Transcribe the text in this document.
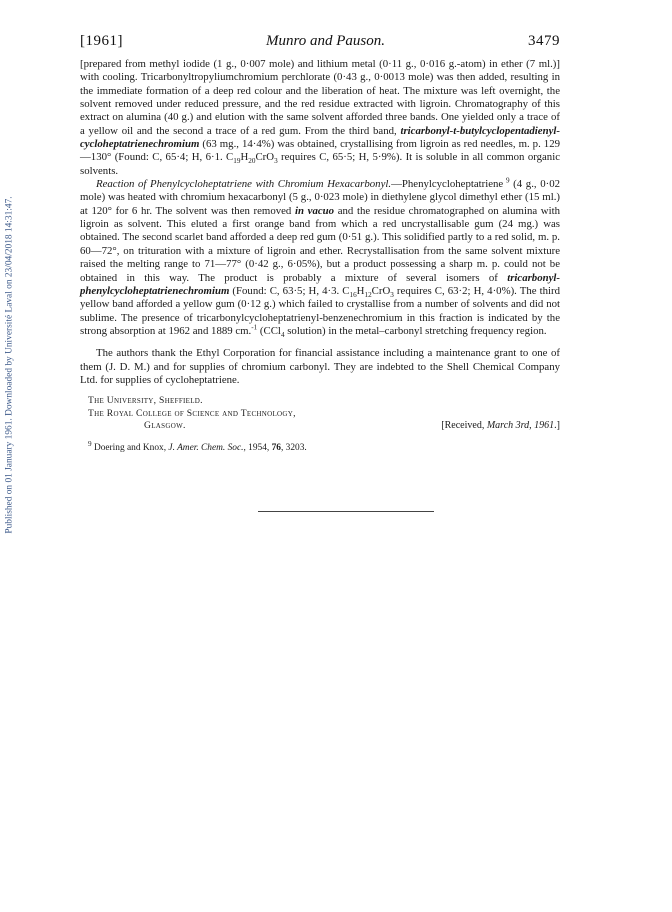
Published on 01 January 1961. Downloaded by Université Laval on 23/04/2018 14:31:47.
[1961]	Munro and Pauson.	3479

[prepared from methyl iodide (1 g., 0·007 mole) and lithium metal (0·11 g., 0·016 g.-atom) in ether (7 ml.)] with cooling. Tricarbonyltropyliumchromium perchlorate (0·43 g., 0·0013 mole) was then added, resulting in the immediate formation of a deep red colour and the liberation of heat. The mixture was left overnight, the solvent removed under reduced pressure, and the red residue extracted with ligroin. Chromatography of this extract on alumina (40 g.) and elution with the same solvent afforded three bands. One yielded only a trace of a yellow oil and the second a trace of a red gum. From the third band, tricarbonyl-t-butylcyclopentadienyl-cycloheptatrienechromium (63 mg., 14·4%) was obtained, crystallising from ligroin as red needles, m. p. 129—130° (Found: C, 65·4; H, 6·1. $C_{19}H_{20}CrO_3$ requires C, 65·5; H, 5·9%). It is soluble in all common organic solvents.

Reaction of Phenylcycloheptatriene with Chromium Hexacarbonyl.—Phenylcycloheptatriene $^9$ (4 g., 0·02 mole) was heated with chromium hexacarbonyl (5 g., 0·023 mole) in diethylene glycol dimethyl ether (15 ml.) at 120° for 6 hr. The solvent was then removed in vacuo and the residue chromatographed on alumina with ligroin as solvent. This eluted a first orange band from which a red uncrystallisable gum (24 mg.) was obtained. The second scarlet band afforded a deep red gum (0·51 g.). This solidified partly to a red solid, m. p. 60—72°, on trituration with a mixture of ligroin and ether. Recrystallisation from the same solvent mixture raised the melting range to 71—77° (0·42 g., 6·05%), but a product possessing a sharp m. p. could not be obtained in this way. The product is probably a mixture of several isomers of tricarbonyl-phenylcycloheptatrienechromium (Found: C, 63·5; H, 4·3. $C_{16}H_{12}CrO_3$ requires C, 63·2; H, 4·0%). The third yellow band afforded a yellow gum (0·12 g.) which failed to crystallise from a number of solvents and did not sublime. The presence of tricarbonylcycloheptatrienyl-benzenechromium in this fraction is indicated by the strong absorption at 1962 and 1889 cm.$^{-1}$ (CCl$_4$ solution) in the metal–carbonyl stretching frequency region.

The authors thank the Ethyl Corporation for financial assistance including a maintenance grant to one of them (J. D. M.) and for supplies of chromium carbonyl. They are indebted to the Shell Chemical Company Ltd. for supplies of cycloheptatriene.

The University, Sheffield.
The Royal College of Science and Technology,
Glasgow.	[Received, March 3rd, 1961.]
$^9$ Doering and Knox, J. Amer. Chem. Soc., 1954, 76, 3203.
